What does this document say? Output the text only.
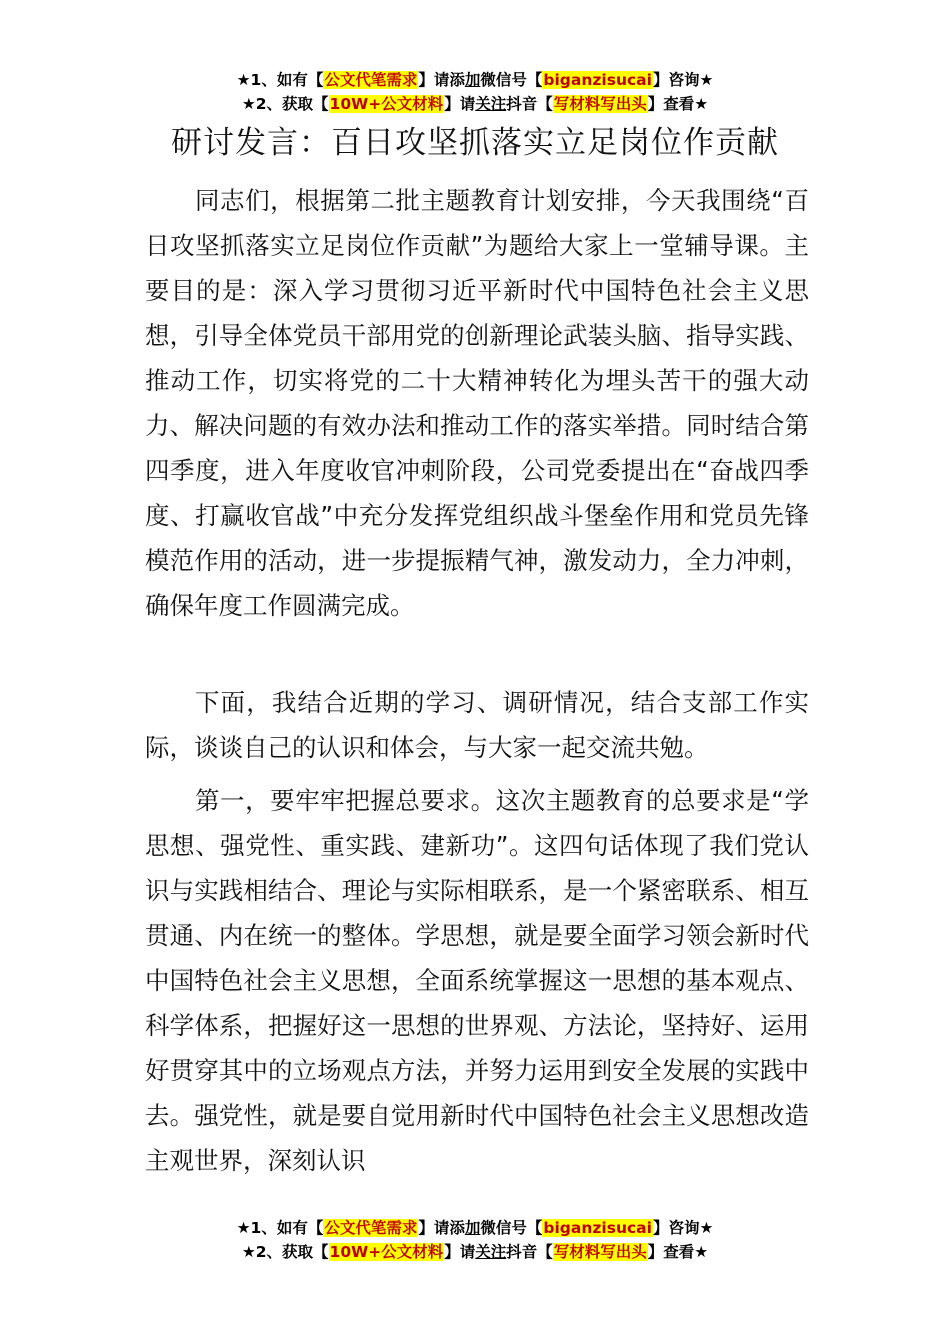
★1、如有【公文代笔需求】请添加微信号【biganzisucai】咨询★
★2、获取【10W+公文材料】请关注抖音【写材料写出头】查看★
研讨发言：百日攻坚抓落实立足岗位作贡献

同志们，根据第二批主题教育计划安排，今天我围绕“百日攻坚抓落实立足岗位作贡献”为题给大家上一堂辅导课。主要目的是：深入学习贯彻习近平新时代中国特色社会主义思想，引导全体党员干部用党的创新理论武装头脑、指导实践、推动工作，切实将党的二十大精神转化为埋头苦干的强大动力、解决问题的有效办法和推动工作的落实举措。同时结合第四季度，进入年度收官冲刺阶段，公司党委提出在“奋战四季度、打赢收官战”中充分发挥党组织战斗堡垒作用和党员先锋模范作用的活动，进一步提振精气神，激发动力，全力冲刺，确保年度工作圆满完成。

下面，我结合近期的学习、调研情况，结合支部工作实际，谈谈自己的认识和体会，与大家一起交流共勉。

第一，要牢牢把握总要求。这次主题教育的总要求是“学思想、强党性、重实践、建新功”。这四句话体现了我们党认识与实践相结合、理论与实际相联系，是一个紧密联系、相互贯通、内在统一的整体。学思想，就是要全面学习领会新时代中国特色社会主义思想，全面系统掌握这一思想的基本观点、科学体系，把握好这一思想的世界观、方法论，坚持好、运用好贯穿其中的立场观点方法，并努力运用到安全发展的实践中去。强党性，就是要自觉用新时代中国特色社会主义思想改造主观世界，深刻认识

★1、如有【公文代笔需求】请添加微信号【biganzisucai】咨询★
★2、获取【10W+公文材料】请关注抖音【写材料写出头】查看★
